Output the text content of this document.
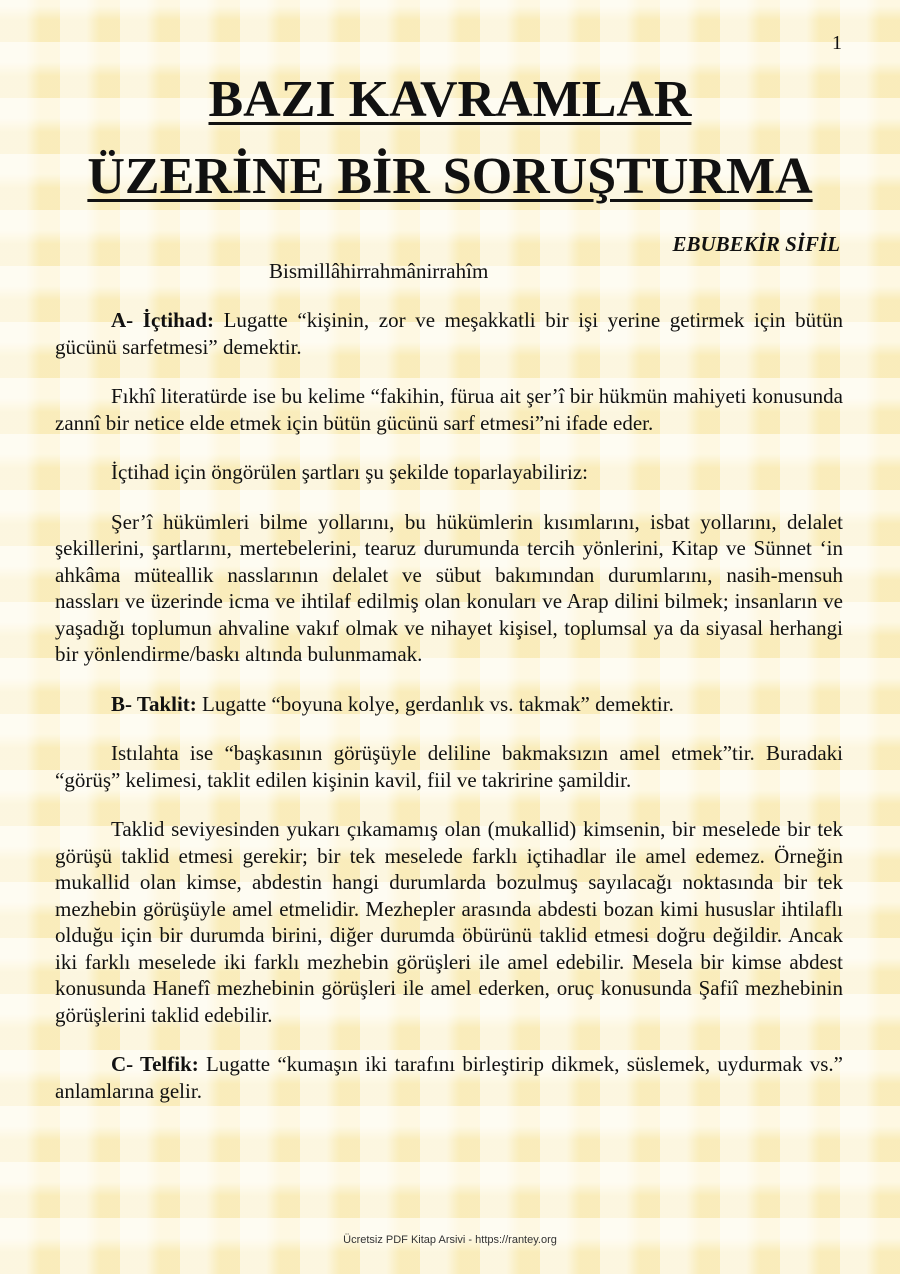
1
BAZI KAVRAMLAR
ÜZERİNE BİR SORUŞTURMA
EBUBEKİR SİFİL
Bismillâhirrahmânirrahîm

A- İçtihad: Lugatte “kişinin, zor ve meşakkatli bir işi yerine getirmek için bütün gücünü sarfetmesi” demektir.

Fıkhî literatürde ise bu kelime “fakihin, fürua ait şer’î bir hükmün mahiyeti konusunda zannî bir netice elde etmek için bütün gücünü sarf etmesi”ni ifade eder.

İçtihad için öngörülen şartları şu şekilde toparlayabiliriz:

Şer’î hükümleri bilme yollarını, bu hükümlerin kısımlarını, isbat yollarını, delalet şekillerini, şartlarını, mertebelerini, tearuz durumunda tercih yönlerini, Kitap ve Sünnet ‘in ahkâma müteallik nasslarının delalet ve sübut bakımından durumlarını, nasih-mensuh nassları ve üzerinde icma ve ihtilaf edilmiş olan konuları ve Arap dilini bilmek; insanların ve yaşadığı toplumun ahvaline vakıf olmak ve nihayet kişisel, toplumsal ya da siyasal herhangi bir yönlendirme/baskı altında bulunmamak.

B- Taklit: Lugatte “boyuna kolye, gerdanlık vs. takmak” demektir.

Istılahta ise “başkasının görüşüyle deliline bakmaksızın amel etmek”tir. Buradaki “görüş” kelimesi, taklit edilen kişinin kavil, fiil ve takririne şamildir.

Taklid seviyesinden yukarı çıkamamış olan (mukallid) kimsenin, bir meselede bir tek görüşü taklid etmesi gerekir; bir tek meselede farklı içtihadlar ile amel edemez. Örneğin mukallid olan kimse, abdestin hangi durumlarda bozulmuş sayılacağı noktasında bir tek mezhebin görüşüyle amel etmelidir. Mezhepler arasında abdesti bozan kimi hususlar ihtilaflı olduğu için bir durumda birini, diğer durumda öbürünü taklid etmesi doğru değildir. Ancak iki farklı meselede iki farklı mezhebin görüşleri ile amel edebilir. Mesela bir kimse abdest konusunda Hanefî mezhebinin görüşleri ile amel ederken, oruç konusunda Şafiî mezhebinin görüşlerini taklid edebilir.

C- Telfik: Lugatte “kumaşın iki tarafını birleştirip dikmek, süslemek, uydurmak vs.” anlamlarına gelir.

Ücretsiz PDF Kitap Arsivi - https://rantey.org
